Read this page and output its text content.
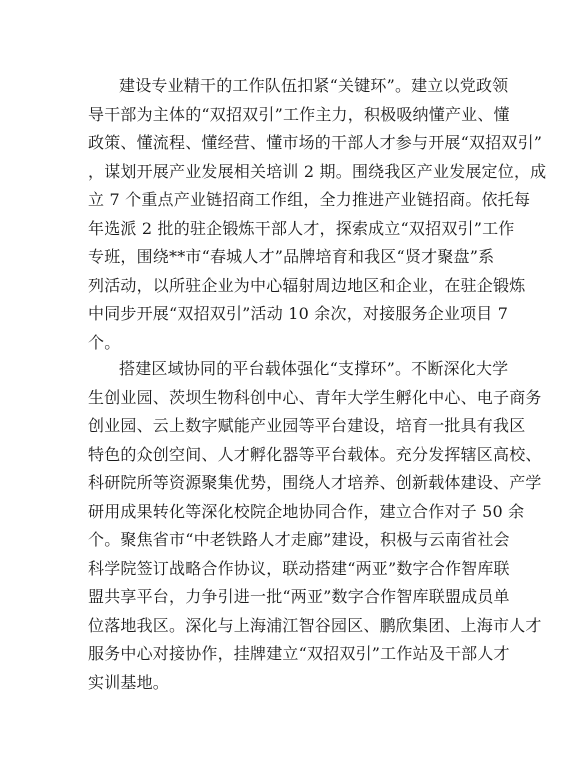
建设专业精干的工作队伍扣紧“关键环”。建立以党政领
导干部为主体的“双招双引”工作主力，积极吸纳懂产业、懂
政策、懂流程、懂经营、懂市场的干部人才参与开展“双招双引”
，谋划开展产业发展相关培训 2 期。围绕我区产业发展定位，成
立 7 个重点产业链招商工作组，全力推进产业链招商。依托每
年选派 2 批的驻企锻炼干部人才，探索成立“双招双引”工作
专班，围绕**市“春城人才”品牌培育和我区“贤才聚盘”系
列活动，以所驻企业为中心辐射周边地区和企业，在驻企锻炼
中同步开展“双招双引”活动 10 余次，对接服务企业项目 7
个。
搭建区域协同的平台载体强化“支撑环”。不断深化大学
生创业园、茨坝生物科创中心、青年大学生孵化中心、电子商务
创业园、云上数字赋能产业园等平台建设，培育一批具有我区
特色的众创空间、人才孵化器等平台载体。充分发挥辖区高校、
科研院所等资源聚集优势，围绕人才培养、创新载体建设、产学
研用成果转化等深化校院企地协同合作，建立合作对子 50 余
个。聚焦省市“中老铁路人才走廊”建设，积极与云南省社会
科学院签订战略合作协议，联动搭建“两亚”数字合作智库联
盟共享平台，力争引进一批“两亚”数字合作智库联盟成员单
位落地我区。深化与上海浦江智谷园区、鹏欣集团、上海市人才
服务中心对接协作，挂牌建立“双招双引”工作站及干部人才
实训基地。
